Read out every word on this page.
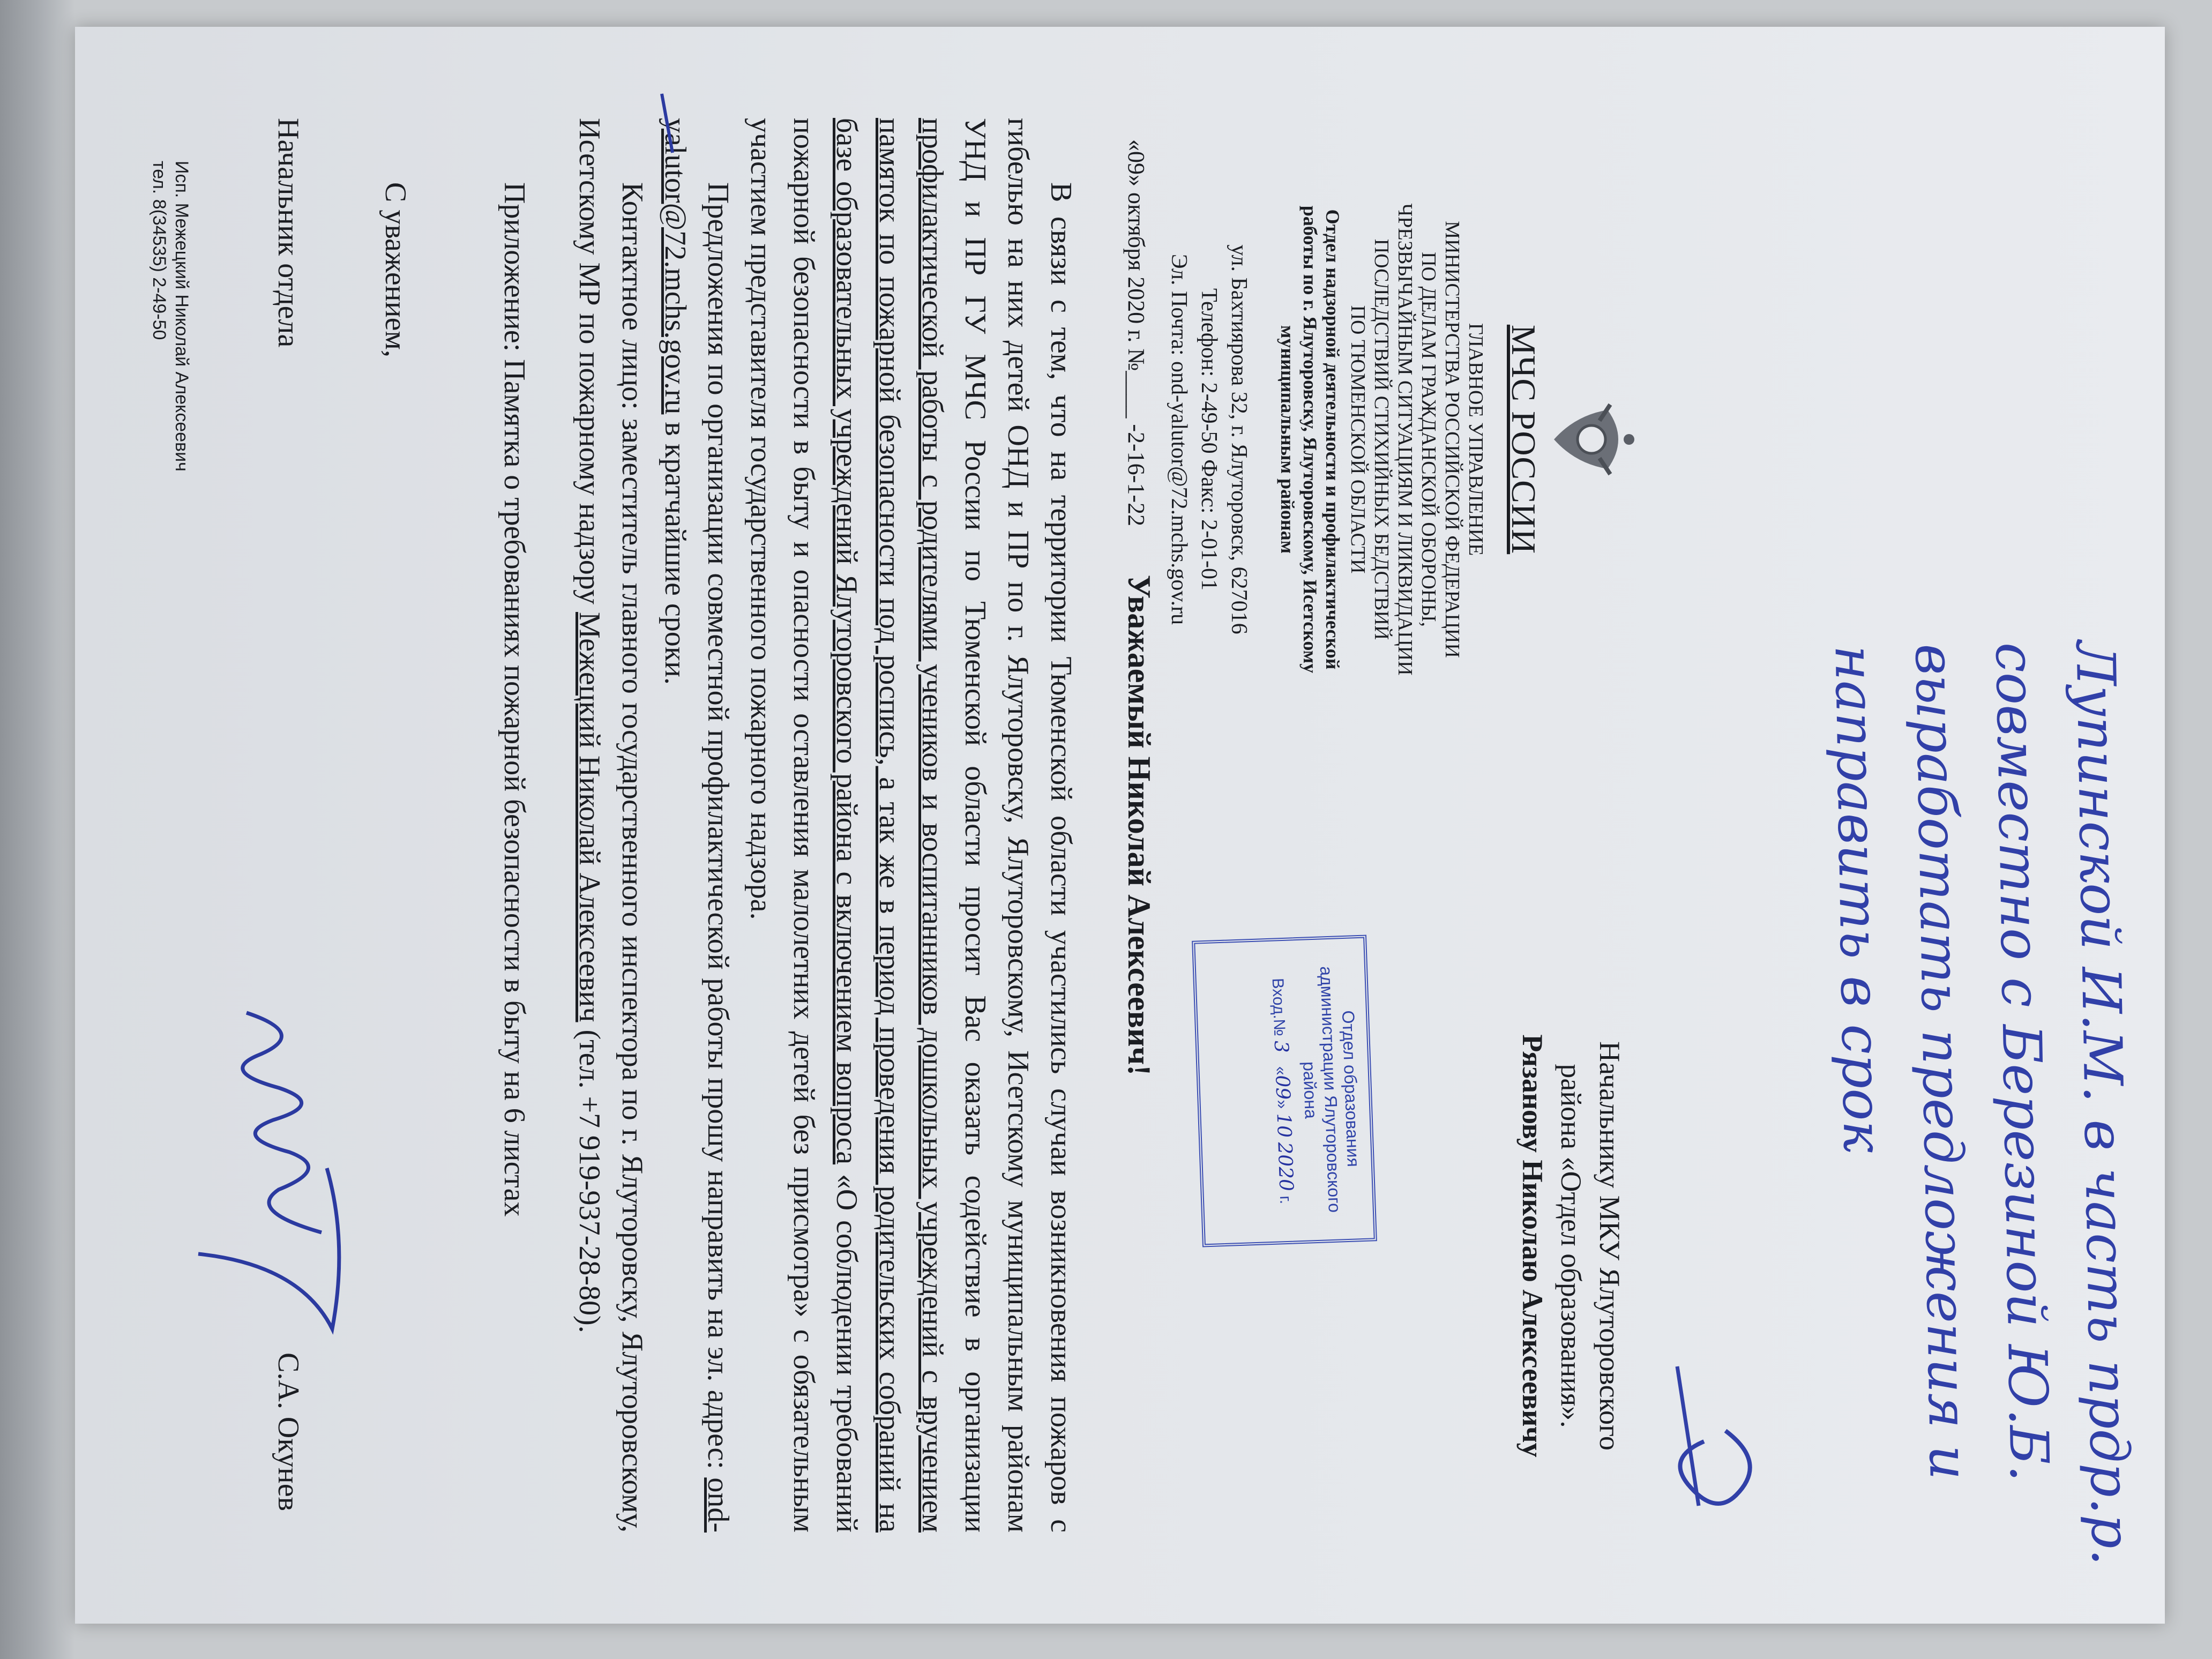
Лупинской И.М. в часть прдр.р.
совместно с Березиной Ю.Б.
выработать предложения и
направить в срок
МЧС РОССИИ
ГЛАВНОЕ УПРАВЛЕНИЕ
МИНИСТЕРСТВА РОССИЙСКОЙ ФЕДЕРАЦИИ
ПО ДЕЛАМ ГРАЖДАНСКОЙ ОБОРОНЫ,
ЧРЕЗВЫЧАЙНЫМ СИТУАЦИЯМ И ЛИКВИДАЦИИ
ПОСЛЕДСТВИЙ СТИХИЙНЫХ БЕДСТВИЙ
ПО ТЮМЕНСКОЙ ОБЛАСТИ
Отдел надзорной деятельности и профилактической
работы по г. Ялуторовску, Ялуторовскому, Исетскому
муниципальным районам
ул. Бахтиярова 32, г. Ялуторовск, 627016
Телефон: 2-49-50 Факс: 2-01-01
Эл. Почта: ond-yalutor@72.mchs.gov.ru
«09» октября 2020 г. №____ -2-16-1-22
Начальнику МКУ Ялуторовского
района «Отдел образования».
Рязанову Николаю Алексеевичу
Отдел образования
администрации Ялуторовского
района
Вход.№ 3   «09» 10 2020 г.
Уважаемый Николай Алексеевич!

В связи с тем, что на территории Тюменской области участились случаи возникновения пожаров с гибелью на них детей ОНД и ПР по г. Ялуторовску, Ялуторовскому, Исетскому муниципальным районам УНД и ПР ГУ МЧС России по Тюменской области просит Вас оказать содействие в организации профилактической работы с родителями учеников и воспитанников дошкольных учреждений с вручением памяток по пожарной безопасности под роспись, а так же в период проведения родительских собраний на базе образовательных учреждений Ялуторовского района с включением вопроса «О соблюдении требований пожарной безопасности в быту и опасности оставления малолетних детей без присмотра» с обязательным участием представителя государственного пожарного надзора.

Предложения по организации совместной профилактической работы прошу направить на эл. адрес: ond-yalutor@72.mchs.gov.ru в кратчайшие сроки.

Контактное лицо: заместитель главного государственного инспектора по г. Ялуторовску, Ялуторовскому, Исетскому МР по пожарному надзору Межецкий Николай Алексеевич (тел. +7 919-937-28-80).

Приложение: Памятка о требованиях пожарной безопасности в быту на 6 листах
С уважением,
Начальник отдела
С.А. Окунев
Исп. Межецкий Николай Алексеевич
тел. 8(34535) 2-49-50
